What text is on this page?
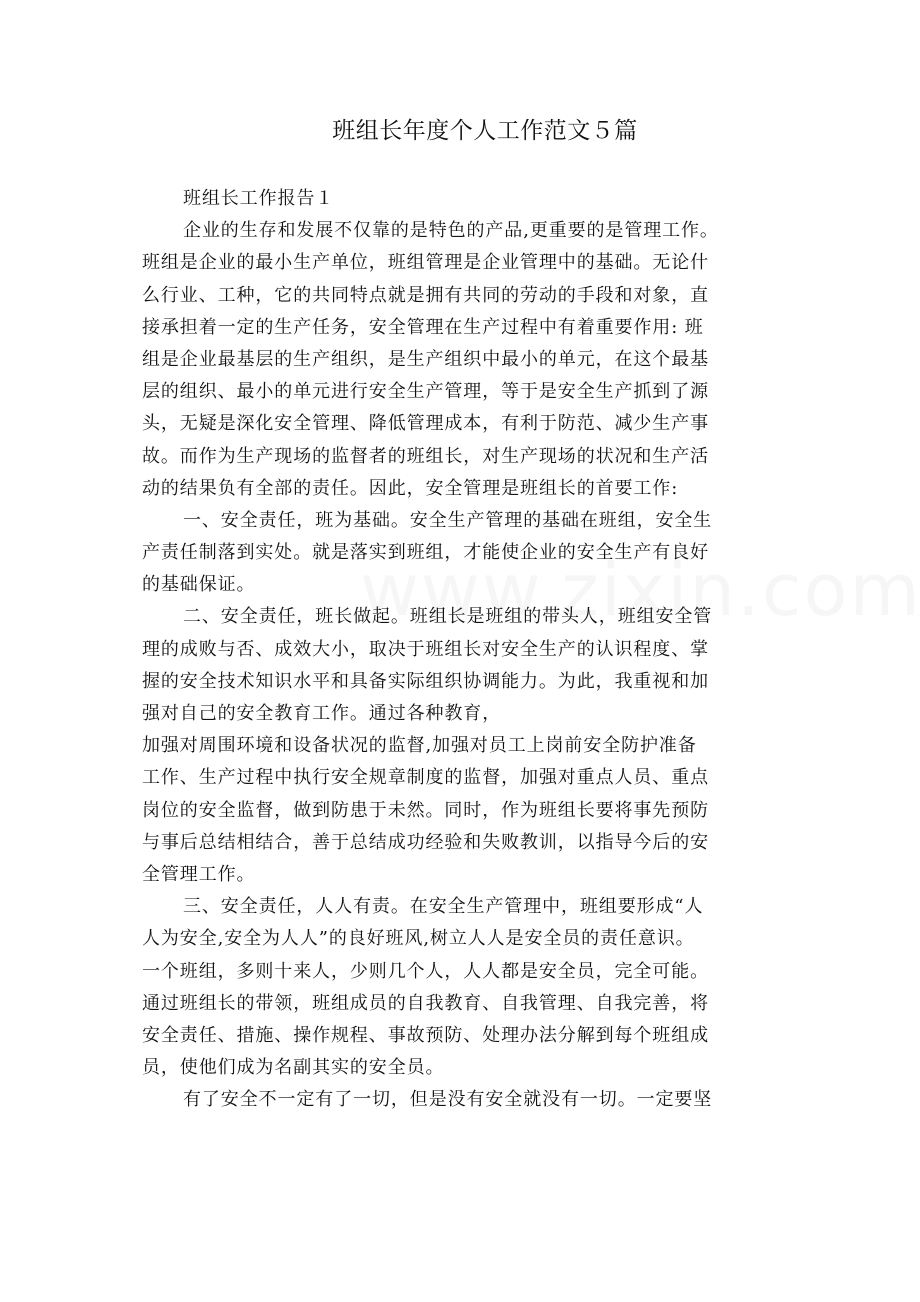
班组长年度个人工作范文５篇
班组长工作报告１
企业的生存和发展不仅靠的是特色的产品,更重要的是管理工作。
班组是企业的最小生产单位，班组管理是企业管理中的基础。无论什
么行业、工种，它的共同特点就是拥有共同的劳动的手段和对象，直
接承担着一定的生产任务，安全管理在生产过程中有着重要作用: 班
组是企业最基层的生产组织，是生产组织中最小的单元，在这个最基
层的组织、最小的单元进行安全生产管理，等于是安全生产抓到了源
头，无疑是深化安全管理、降低管理成本，有利于防范、减少生产事
故。而作为生产现场的监督者的班组长，对生产现场的状况和生产活
动的结果负有全部的责任。因此，安全管理是班组长的首要工作:
一、安全责任，班为基础。安全生产管理的基础在班组，安全生
产责任制落到实处。就是落实到班组，才能使企业的安全生产有良好
的基础保证。
二、安全责任，班长做起。班组长是班组的带头人，班组安全管
理的成败与否、成效大小，取决于班组长对安全生产的认识程度、掌
握的安全技术知识水平和具备实际组织协调能力。为此，我重视和加
强对自己的安全教育工作。通过各种教育，
加强对周围环境和设备状况的监督,加强对员工上岗前安全防护准备
工作、生产过程中执行安全规章制度的监督，加强对重点人员、重点
岗位的安全监督，做到防患于未然。同时，作为班组长要将事先预防
与事后总结相结合，善于总结成功经验和失败教训，以指导今后的安
全管理工作。
三、安全责任，人人有责。在安全生产管理中，班组要形成“人
人为安全,安全为人人”的良好班风,树立人人是安全员的责任意识。
一个班组，多则十来人，少则几个人，人人都是安全员，完全可能。
通过班组长的带领，班组成员的自我教育、自我管理、自我完善，将
安全责任、措施、操作规程、事故预防、处理办法分解到每个班组成
员，使他们成为名副其实的安全员。
有了安全不一定有了一切，但是没有安全就没有一切。一定要坚
